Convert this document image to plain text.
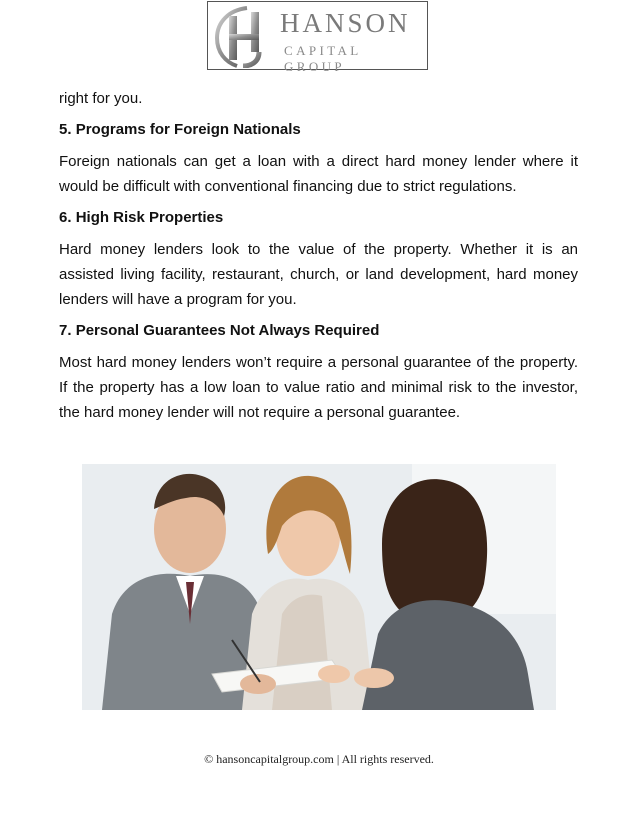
HANSON
CAPITAL GROUP

right for you.

5. Programs for Foreign Nationals

Foreign nationals can get a loan with a direct hard money lender where it would be difficult with conventional financing due to strict regulations.

6. High Risk Properties

Hard money lenders look to the value of the property. Whether it is an assisted living facility, restaurant, church, or land development, hard money lenders will have a program for you.

7. Personal Guarantees Not Always Required

Most hard money lenders won’t require a personal guarantee of the property. If the property has a low loan to value ratio and minimal risk to the investor, the hard money lender will not require a personal guarantee.

© hansoncapitalgroup.com | All rights reserved.
